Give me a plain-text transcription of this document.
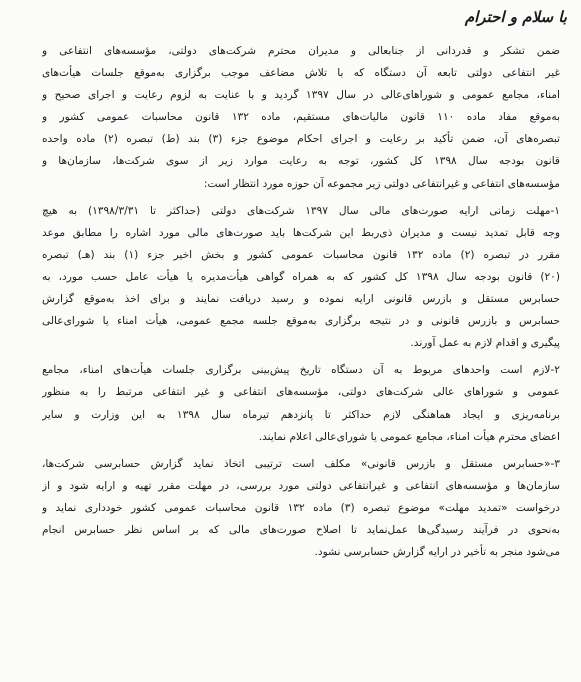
با سلام و احترام
ضمن تشکر و قدردانی از جنابعالی و مدیران محترم شرکت‌های دولتی، مؤسسه‌های انتفاعی و
غیر انتفاعی دولتی تابعه آن دستگاه که با تلاش مضاعف موجب برگزاری به‌موقع جلسات هیأت‌های
امناء، مجامع عمومی و شوراهای‌عالی در سال ۱۳۹۷ گردید و با عنایت به لزوم رعایت و اجرای صحیح و
به‌موقع مفاد ماده ۱۱۰ قانون مالیات‌های مستقیم، ماده ۱۳۲ قانون محاسبات عمومی کشور و
تبصره‌های آن، ضمن تأکید بر رعایت و اجرای احکام موضوع جزء (۳) بند (ط) تبصره (۲) ماده واحده
قانون بودجه سال ۱۳۹۸ کل کشور، توجه به رعایت موارد زیر از سوی شرکت‌ها، سازمان‌ها و
مؤسسه‌های انتفاعی و غیرانتفاعی دولتی زیر مجموعه آن حوزه مورد انتظار است:
۱-مهلت زمانی ارایه صورت‌های مالی سال ۱۳۹۷ شرکت‌های دولتی (حداکثر تا ۱۳۹۸/۳/۳۱) به هیچ
وجه قابل تمدید نیست و مدیران ذی‌ربط این شرکت‌ها باید صورت‌های مالی مورد اشاره را مطابق موعد
مقرر در تبصره (۲) ماده ۱۳۲ قانون محاسبات عمومی کشور و بخش اخیر جزء (۱) بند (هـ) تبصره
(۲۰) قانون بودجه سال ۱۳۹۸ کل کشور که به همراه گواهی هیأت‌مدیره یا هیأت عامل حسب مورد، به
حسابرس مستقل و بازرس قانونی ارایه نموده و رسید دریافت نمایند و برای اخذ به‌موقع گزارش
حسابرس و بازرس قانونی و در نتیجه برگزاری به‌موقع جلسه مجمع عمومی، هیأت امناء یا شورای‌عالی
پیگیری و اقدام لازم به عمل آورند.
۲-لازم است واحدهای مربوط به آن دستگاه تاریخ پیش‌بینی برگزاری جلسات هیأت‌های امناء، مجامع
عمومی و شوراهای عالی شرکت‌های دولتی، مؤسسه‌های انتفاعی و غیر انتفاعی مرتبط را به منظور
برنامه‌ریزی و ایجاد هماهنگی لازم حداکثر تا پانزدهم تیرماه سال ۱۳۹۸ به این وزارت و سایر
اعضای محترم هیأت امناء، مجامع عمومی یا شورای‌عالی اعلام نمایند.
۳-«حسابرس مستقل و بازرس قانونی» مکلف است ترتیبی اتخاذ نماید گزارش حسابرسی شرکت‌ها،
سازمان‌ها و مؤسسه‌های انتفاعی و غیرانتفاعی دولتی مورد بررسی، در مهلت مقرر تهیه و ارایه شود و از
درخواست «تمدید مهلت» موضوع تبصره (۳) ماده ۱۳۲ قانون محاسبات عمومی کشور خودداری نماید و
به‌نحوی در فرآیند رسیدگی‌ها عمل‌نماید تا اصلاح صورت‌های مالی که بر اساس نظر حسابرس انجام
می‌شود منجر به تأخیر در ارایه گزارش حسابرسی نشود.
